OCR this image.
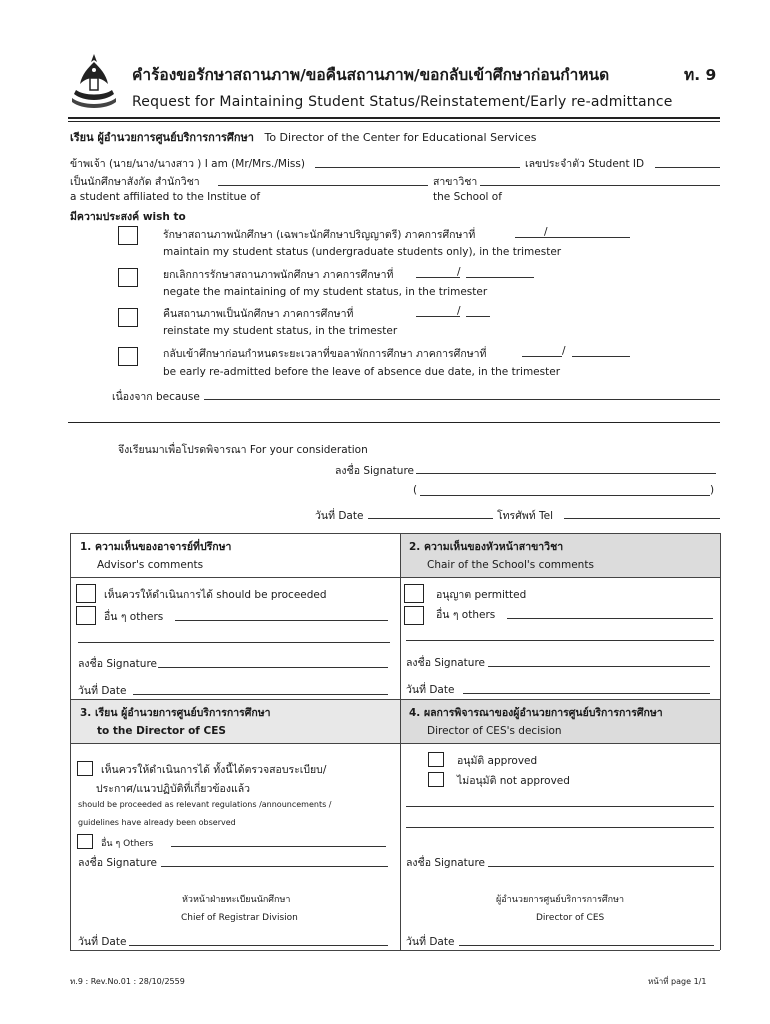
คำร้องขอรักษาสถานภาพ/ขอคืนสถานภาพ/ขอกลับเข้าศึกษาก่อนกำหนด	ท. 9
Request for Maintaining Student Status/Reinstatement/Early re-admittance
เรียน ผู้อำนวยการศูนย์บริการการศึกษา To Director of the Center for Educational Services
ข้าพเจ้า (นาย/นาง/นางสาว ) I am (Mr/Mrs./Miss)	เลขประจำตัว Student ID
เป็นนักศึกษาสังกัด สำนักวิชา	สาขาวิชา
a student affiliated to the Institue of	the School of
มีความประสงค์ wish to
รักษาสถานภาพนักศึกษา (เฉพาะนักศึกษาปริญญาตรี) ภาคการศึกษาที่	/
maintain my student status (undergraduate students only), in the trimester
ยกเลิกการรักษาสถานภาพนักศึกษา ภาคการศึกษาที่	/
negate the maintaining of my student status, in the trimester
คืนสถานภาพเป็นนักศึกษา ภาคการศึกษาที่	/
reinstate my student status, in the trimester
กลับเข้าศึกษาก่อนกำหนดระยะเวลาที่ขอลาพักการศึกษา ภาคการศึกษาที่	/
be early re-admitted before the leave of absence due date, in the trimester
เนื่องจาก because
จึงเรียนมาเพื่อโปรดพิจารณา For your consideration
ลงชื่อ Signature
(	)
วันที่ Date	โทรศัพท์ Tel
1. ความเห็นของอาจารย์ที่ปรึกษา
Advisor's comments
เห็นควรให้ดำเนินการได้ should be proceeded
อื่น ๆ others
ลงชื่อ Signature
วันที่ Date
2. ความเห็นของหัวหน้าสาขาวิชา
Chair of the School's comments
อนุญาต permitted
อื่น ๆ others
ลงชื่อ Signature
วันที่ Date
3. เรียน ผู้อำนวยการศูนย์บริการการศึกษา
to the Director of CES
เห็นควรให้ดำเนินการได้ ทั้งนี้ได้ตรวจสอบระเบียบ/
ประกาศ/แนวปฏิบัติที่เกี่ยวข้องแล้ว
should be proceeded as relevant regulations /announcements /
guidelines have already been observed
อื่น ๆ Others
ลงชื่อ Signature
หัวหน้าฝ่ายทะเบียนนักศึกษา
Chief of Registrar Division
วันที่ Date
4. ผลการพิจารณาของผู้อำนวยการศูนย์บริการการศึกษา
Director of CES's decision
อนุมัติ approved
ไม่อนุมัติ not approved
ลงชื่อ Signature
ผู้อำนวยการศูนย์บริการการศึกษา
Director of CES
วันที่ Date
ท.9 : Rev.No.01 : 28/10/2559	หน้าที่ page 1/1
